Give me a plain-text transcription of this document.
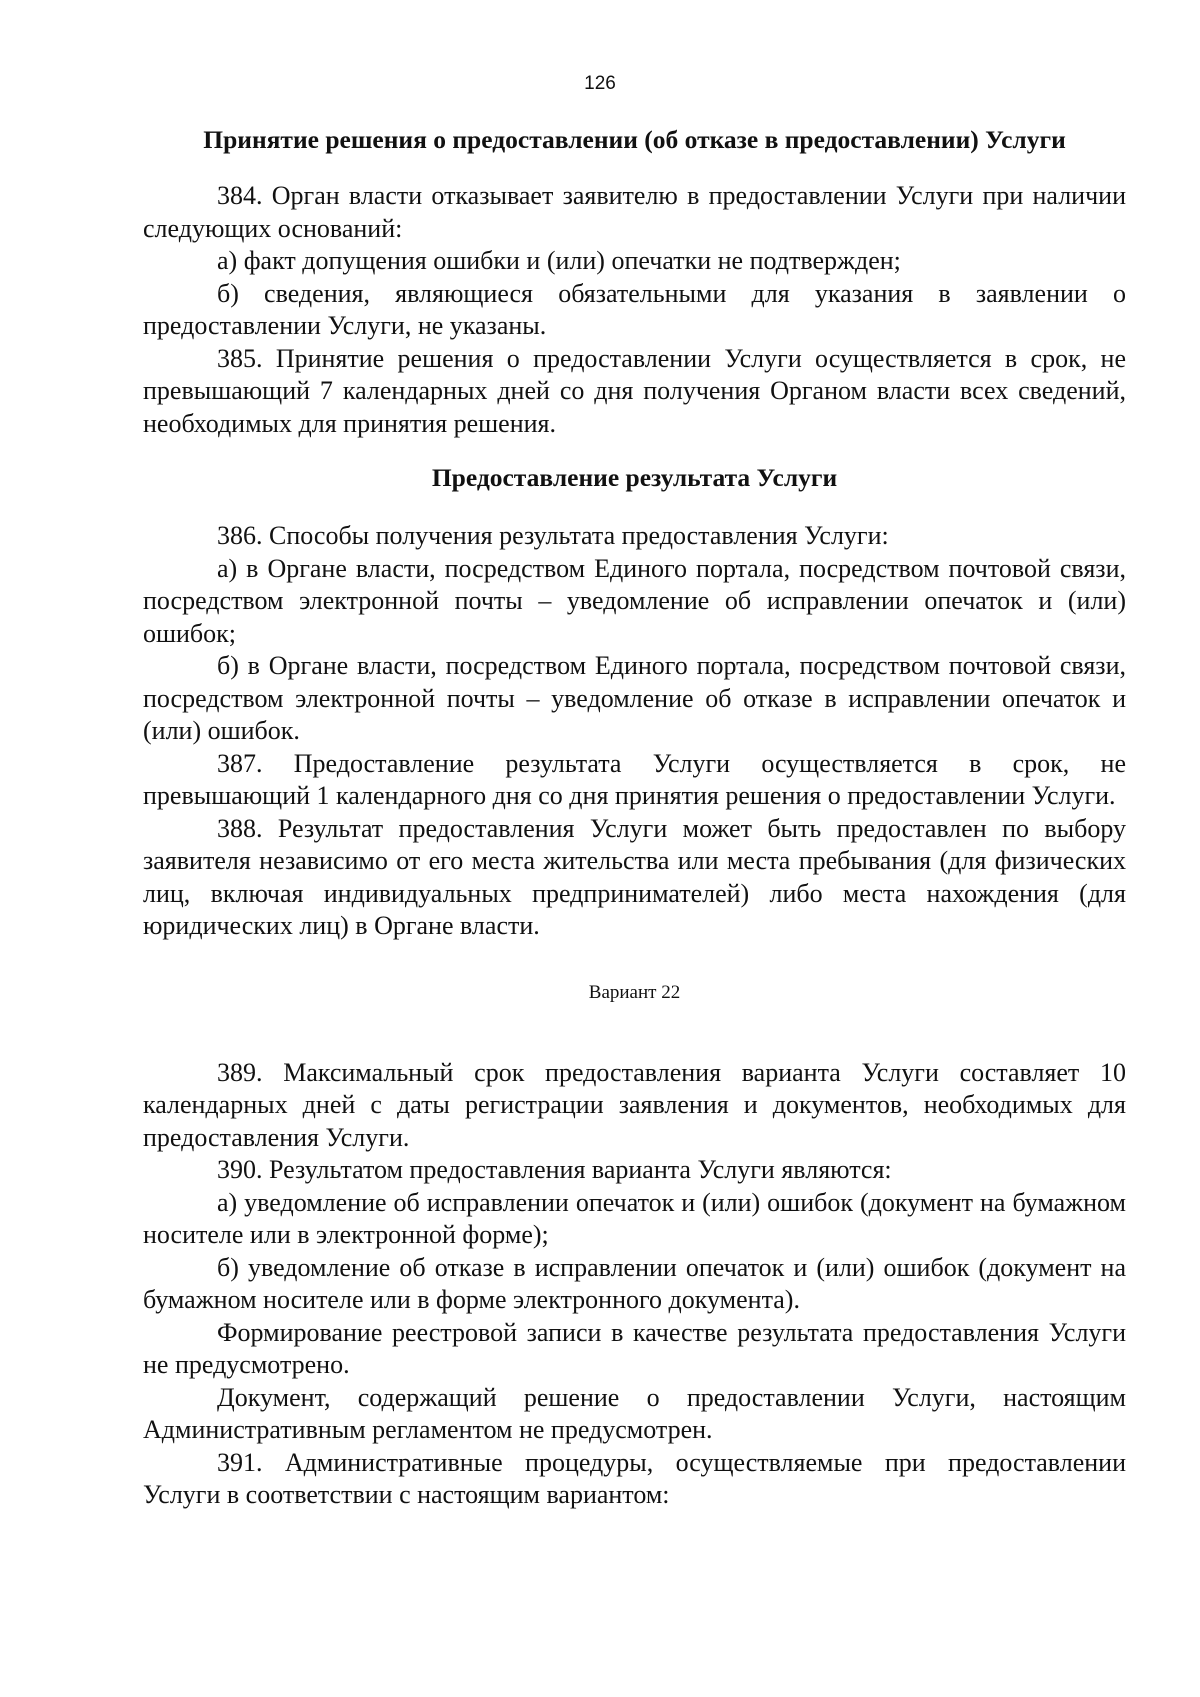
126
Принятие решения о предоставлении (об отказе в предоставлении) Услуги

384. Орган власти отказывает заявителю в предоставлении Услуги при наличии следующих оснований:

а) факт допущения ошибки и (или) опечатки не подтвержден;

б) сведения, являющиеся обязательными для указания в заявлении о предоставлении Услуги, не указаны.

385. Принятие решения о предоставлении Услуги осуществляется в срок, не превышающий 7 календарных дней со дня получения Органом власти всех сведений, необходимых для принятия решения.

Предоставление результата Услуги

386. Способы получения результата предоставления Услуги:

а) в Органе власти, посредством Единого портала, посредством почтовой связи, посредством электронной почты – уведомление об исправлении опечаток и (или) ошибок;

б) в Органе власти, посредством Единого портала, посредством почтовой связи, посредством электронной почты – уведомление об отказе в исправлении опечаток и (или) ошибок.

387. Предоставление результата Услуги осуществляется в срок, не превышающий 1 календарного дня со дня принятия решения о предоставлении Услуги.

388. Результат предоставления Услуги может быть предоставлен по выбору заявителя независимо от его места жительства или места пребывания (для физических лиц, включая индивидуальных предпринимателей) либо места нахождения (для юридических лиц) в Органе власти.

Вариант 22

389. Максимальный срок предоставления варианта Услуги составляет 10 календарных дней с даты регистрации заявления и документов, необходимых для предоставления Услуги.

390. Результатом предоставления варианта Услуги являются:

а) уведомление об исправлении опечаток и (или) ошибок (документ на бумажном носителе или в электронной форме);

б) уведомление об отказе в исправлении опечаток и (или) ошибок (документ на бумажном носителе или в форме электронного документа).

Формирование реестровой записи в качестве результата предоставления Услуги не предусмотрено.

Документ, содержащий решение о предоставлении Услуги, настоящим Административным регламентом не предусмотрен.

391. Административные процедуры, осуществляемые при предоставлении Услуги в соответствии с настоящим вариантом:
